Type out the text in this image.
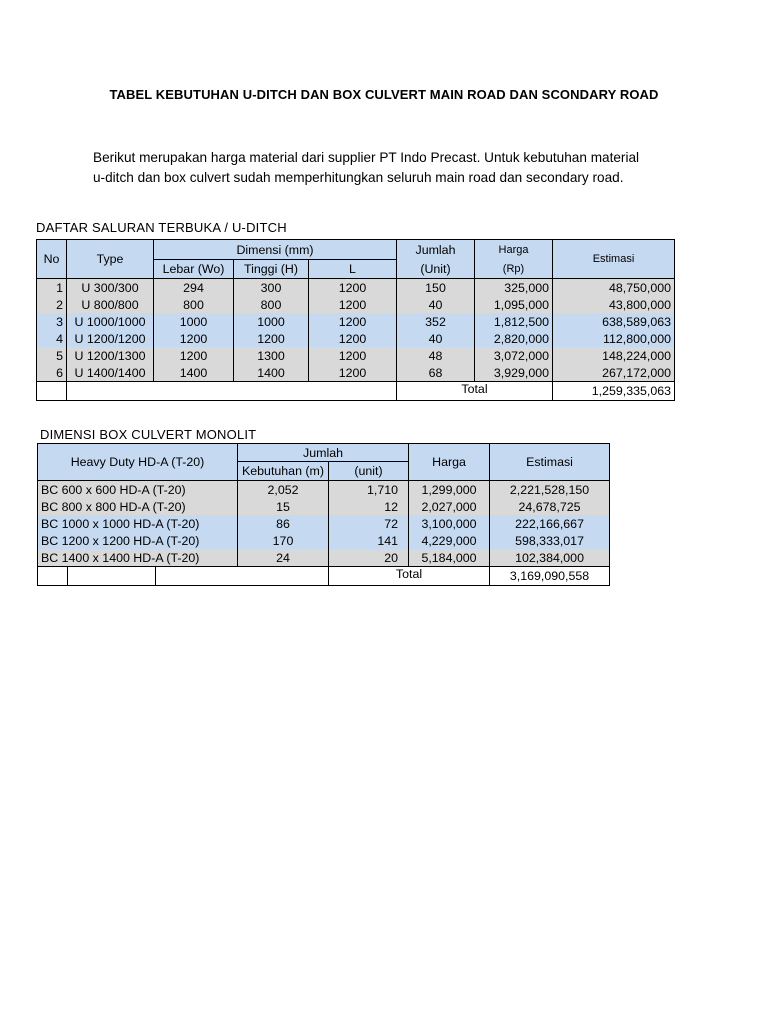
TABEL KEBUTUHAN U-DITCH DAN BOX CULVERT MAIN ROAD DAN SCONDARY ROAD

Berikut merupakan harga material dari supplier PT Indo Precast. Untuk kebutuhan material

u-ditch dan box culvert sudah memperhitungkan seluruh main road dan secondary road.

DAFTAR SALURAN TERBUKA / U-DITCH
No	Type	Dimensi (mm)			Jumlah	Harga	Estimasi
		Lebar (Wo)	Tinggi (H)	L	(Unit)	(Rp)	
1	U 300/300	294	300	1200	150	325,000	48,750,000
2	U 800/800	800	800	1200	40	1,095,000	43,800,000
3	U 1000/1000	1000	1000	1200	352	1,812,500	638,589,063
4	U 1200/1200	1200	1200	1200	40	2,820,000	112,800,000
5	U 1200/1300	1200	1300	1200	48	3,072,000	148,224,000
6	U 1400/1400	1400	1400	1200	68	3,929,000	267,172,000
					Total		1,259,335,063
DIMENSI BOX CULVERT MONOLIT
Heavy Duty HD-A (T-20)			Jumlah		Harga	Estimasi
			Kebutuhan (m)	(unit)		
BC 600 x 600 HD-A (T-20)			2,052	1,710	1,299,000	2,221,528,150
BC 800 x 800 HD-A (T-20)			15	12	2,027,000	24,678,725
BC 1000 x 1000 HD-A (T-20)			86	72	3,100,000	222,166,667
BC 1200 x 1200 HD-A (T-20)			170	141	4,229,000	598,333,017
BC 1400 x 1400 HD-A (T-20)			24	20	5,184,000	102,384,000
				Total		3,169,090,558
